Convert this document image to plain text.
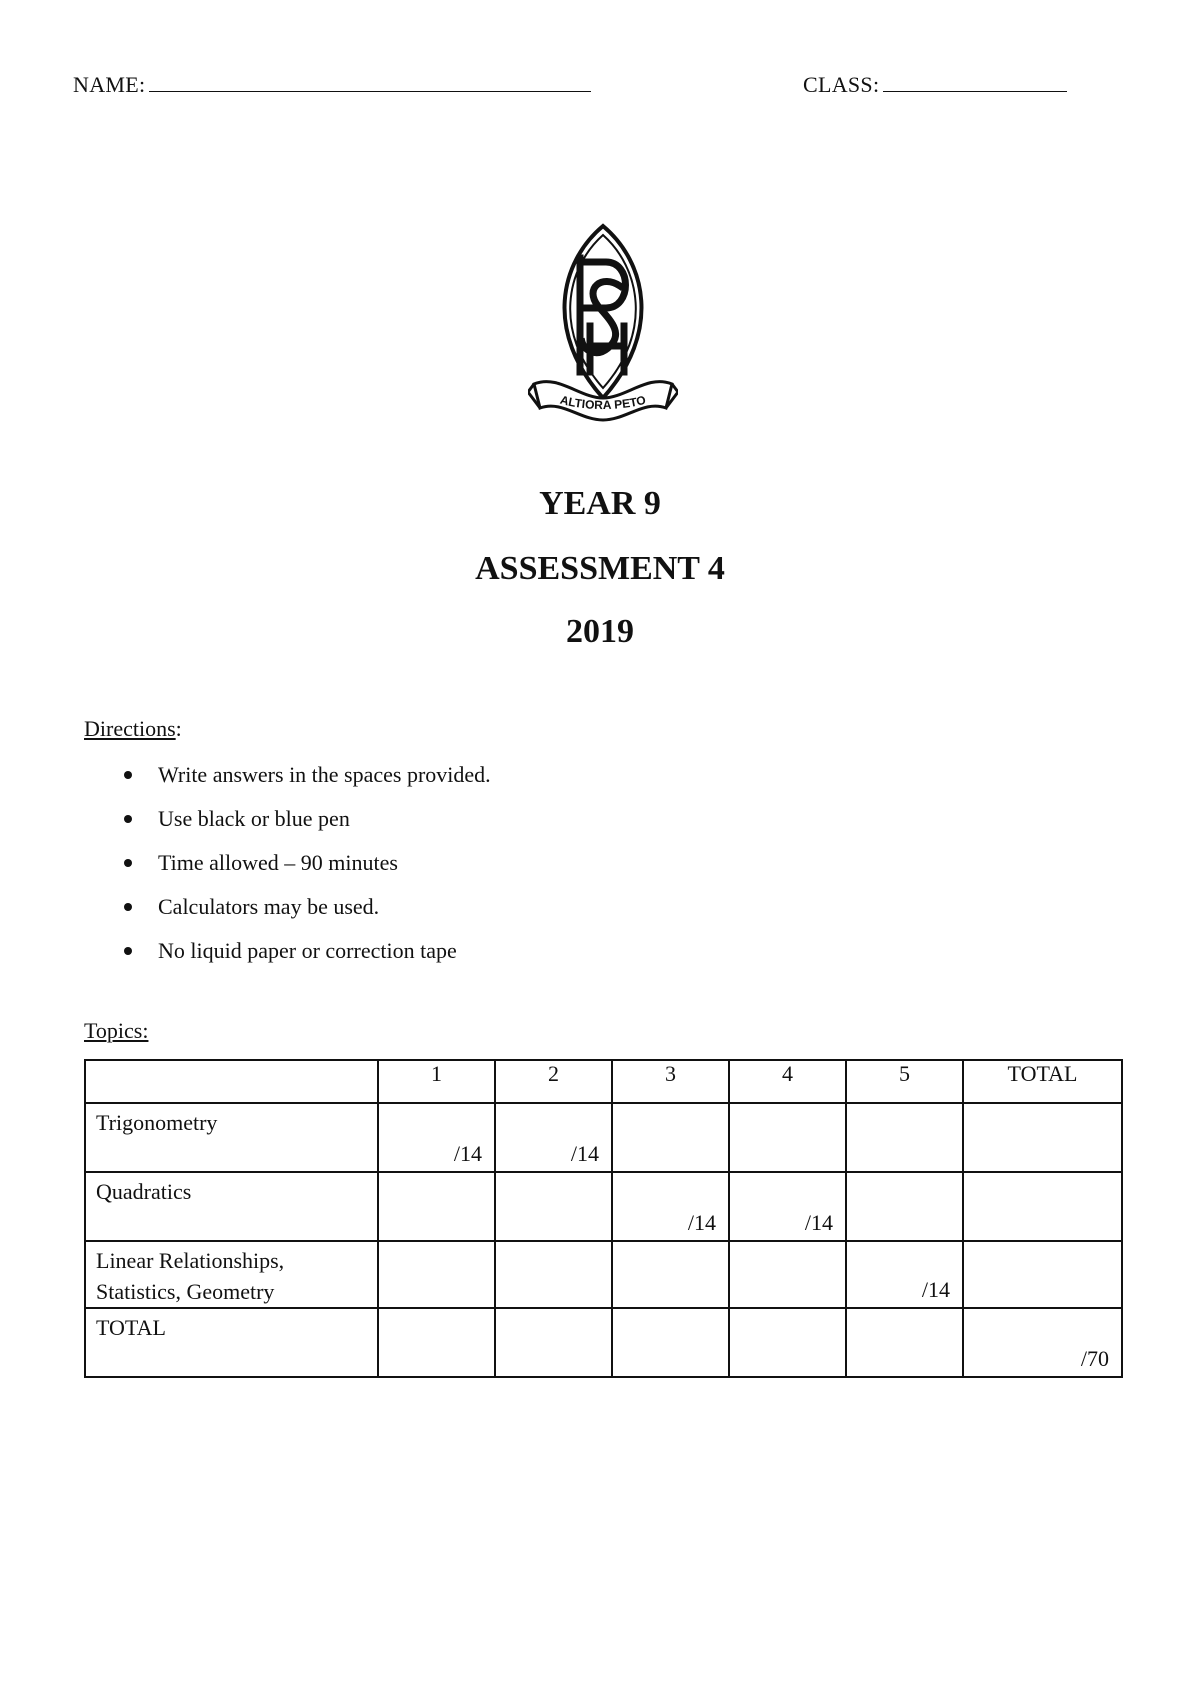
NAME:	CLASS:
ALTIORA PETO
YEAR 9
ASSESSMENT 4
2019
Directions:
Write answers in the spaces provided.
Use black or blue pen
Time allowed – 90 minutes
Calculators may be used.
No liquid paper or correction tape
Topics:
	1	2	3	4	5	TOTAL

Trigonometry	/14	/14				

Quadratics			/14	/14		

Linear Relationships,
Statistics, Geometry					/14	

TOTAL						/70
